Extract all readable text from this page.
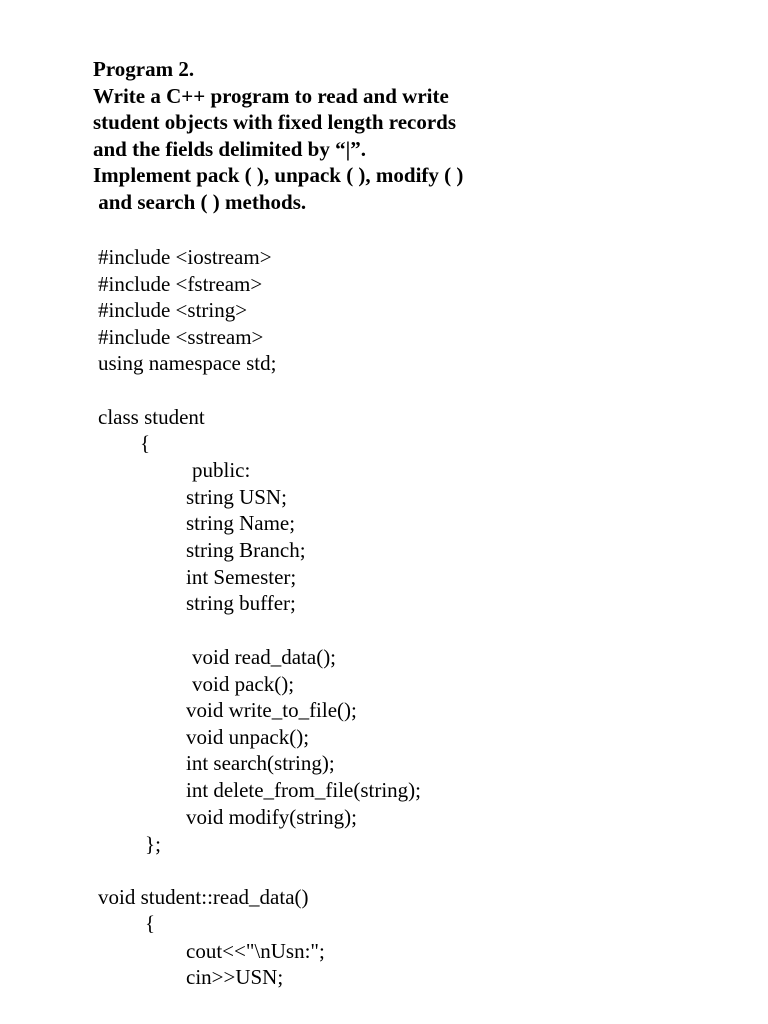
Program 2.
Write a C++ program to read and write
student objects with fixed length records
and the fields delimited by “|”.
Implement pack ( ), unpack ( ), modify ( )
and search ( ) methods.
#include <iostream>
#include <fstream>
#include <string>
#include <sstream>
using namespace std;
class student
{
public:
string USN;
string Name;
string Branch;
int Semester;
string buffer;
void read_data();
void pack();
void write_to_file();
void unpack();
int search(string);
int delete_from_file(string);
void modify(string);
};
void student::read_data()
{
cout<<"\nUsn:";
cin>>USN;
